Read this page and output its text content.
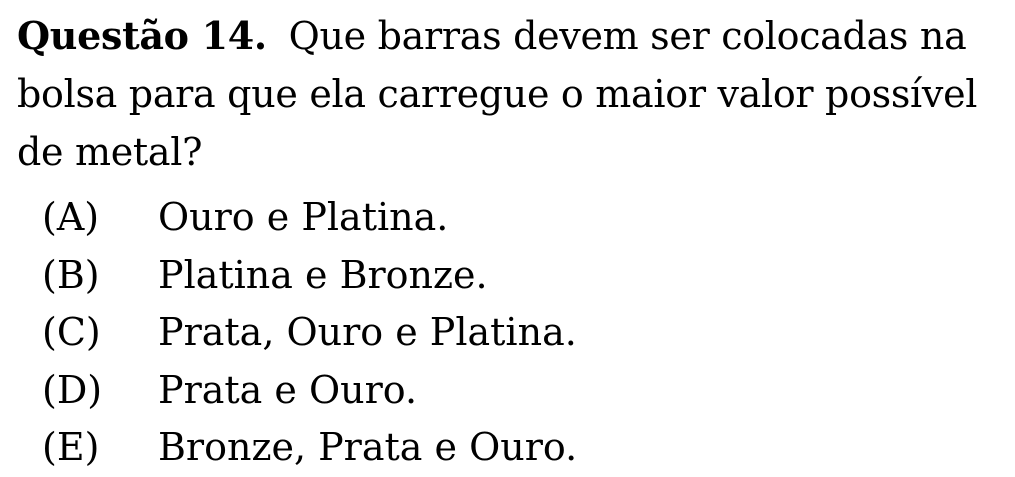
Questão 14. Que barras devem ser colocadas na bolsa para que ela carregue o maior valor possível de metal?
(A)	Ouro e Platina.
(B)	Platina e Bronze.
(C)	Prata, Ouro e Platina.
(D)	Prata e Ouro.
(E)	Bronze, Prata e Ouro.
